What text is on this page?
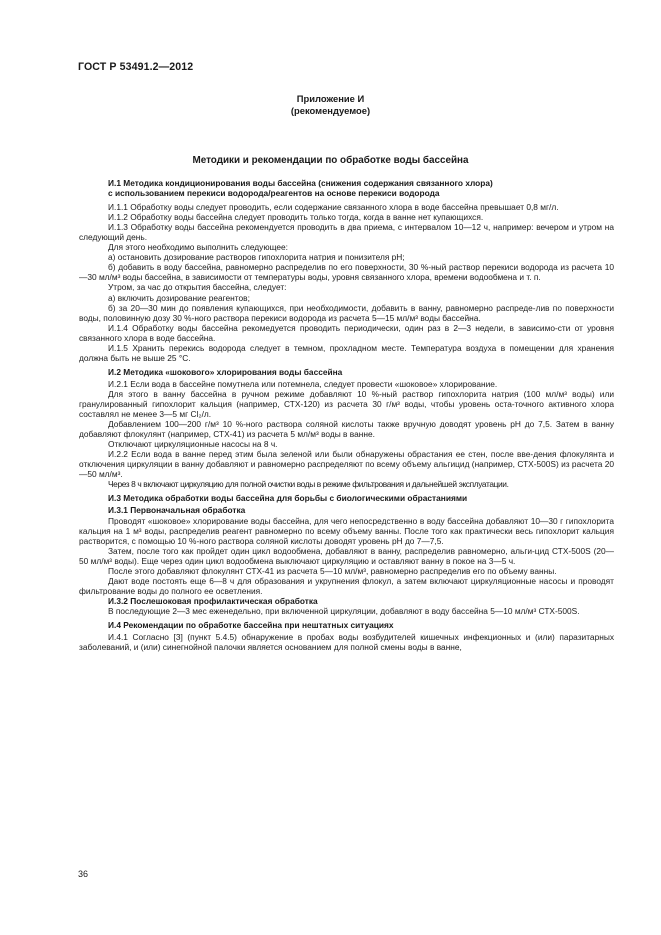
ГОСТ Р 53491.2—2012
Приложение И
(рекомендуемое)
Методики и рекомендации по обработке воды бассейна

И.1 Методика кондиционирования воды бассейна (снижения содержания связанного хлора)

с использованием перекиси водорода/реагентов на основе перекиси водорода

И.1.1 Обработку воды следует проводить, если содержание связанного хлора в воде бассейна превышает 0,8 мг/л.

И.1.2 Обработку воды бассейна следует проводить только тогда, когда в ванне нет купающихся.

И.1.3 Обработку воды бассейна рекомендуется проводить в два приема, с интервалом 10—12 ч, например: вечером и утром на следующий день.

Для этого необходимо выполнить следующее:

а) остановить дозирование растворов гипохлорита натрия и понизителя pH;

б) добавить в воду бассейна, равномерно распределив по его поверхности, 30 %-ный раствор перекиси водорода из расчета 10—30 мл/м³ воды бассейна, в зависимости от температуры воды, уровня связанного хлора, времени водообмена и т. п.

Утром, за час до открытия бассейна, следует:

а) включить дозирование реагентов;

б) за 20—30 мин до появления купающихся, при необходимости, добавить в ванну, равномерно распреде-лив по поверхности воды, половинную дозу 30 %-ного раствора перекиси водорода из расчета 5—15 мл/м³ воды бассейна.

И.1.4 Обработку воды бассейна рекомедуется проводить периодически, один раз в 2—3 недели, в зависимо-сти от уровня связанного хлора в воде бассейна.

И.1.5 Хранить перекись водорода следует в темном, прохладном месте. Температура воздуха в помещении для хранения должна быть не выше 25 °С.

И.2 Методика «шокового» хлорирования воды бассейна

И.2.1 Если вода в бассейне помутнела или потемнела, следует провести «шоковое» хлорирование.

Для этого в ванну бассейна в ручном режиме добавляют 10 %-ный раствор гипохлорита натрия (100 мл/м³ воды) или гранулированный гипохлорит кальция (например, СТХ-120) из расчета 30 г/м³ воды, чтобы уровень оста-точного активного хлора составлял не менее 3—5 мг Cl₂/л.

Добавлением 100—200 г/м³ 10 %-ного раствора соляной кислоты также вручную доводят уровень pH до 7,5. Затем в ванну добавляют флокулянт (например, СТХ-41) из расчета 5 мл/м³ воды в ванне.

Отключают циркуляционные насосы на 8 ч.

И.2.2 Если вода в ванне перед этим была зеленой или были обнаружены обрастания ее стен, после вве-дения флокулянта и отключения циркуляции в ванну добавляют и равномерно распределяют по всему объему альгицид (например, СТХ-500S) из расчета 20—50 мл/м³.

Через 8 ч включают циркуляцию для полной очистки воды в режиме фильтрования и дальнейшей эксплуатации.

И.3 Методика обработки воды бассейна для борьбы с биологическими обрастаниями

И.3.1 Первоначальная обработка

Проводят «шоковое» хлорирование воды бассейна, для чего непосредственно в воду бассейна добавляют 10—30 г гипохлорита кальция на 1 м³ воды, распределив реагент равномерно по всему объему ванны. После того как практически весь гипохлорит кальция растворится, с помощью 10 %-ного раствора соляной кислоты доводят уровень pH до 7—7,5.

Затем, после того как пройдет один цикл водообмена, добавляют в ванну, распределив равномерно, альги-цид СТХ-500S (20—50 мл/м³ воды). Еще через один цикл водообмена выключают циркуляцию и оставляют ванну в покое на 3—5 ч.

После этого добавляют флокулянт СТХ-41 из расчета 5—10 мл/м³, равномерно распределив его по объему ванны.

Дают воде постоять еще 6—8 ч для образования и укрупнения флокул, а затем включают циркуляционные насосы и проводят фильтрование воды до полного ее осветления.

И.3.2 Послешоковая профилактическая обработка

В последующие 2—3 мес еженедельно, при включенной циркуляции, добавляют в воду бассейна 5—10 мл/м³ СТХ-500S.

И.4 Рекомендации по обработке бассейна при нештатных ситуациях

И.4.1 Согласно [3] (пункт 5.4.5) обнаружение в пробах воды возбудителей кишечных инфекционных и (или) паразитарных заболеваний, и (или) синегнойной палочки является основанием для полной смены воды в ванне,

36
